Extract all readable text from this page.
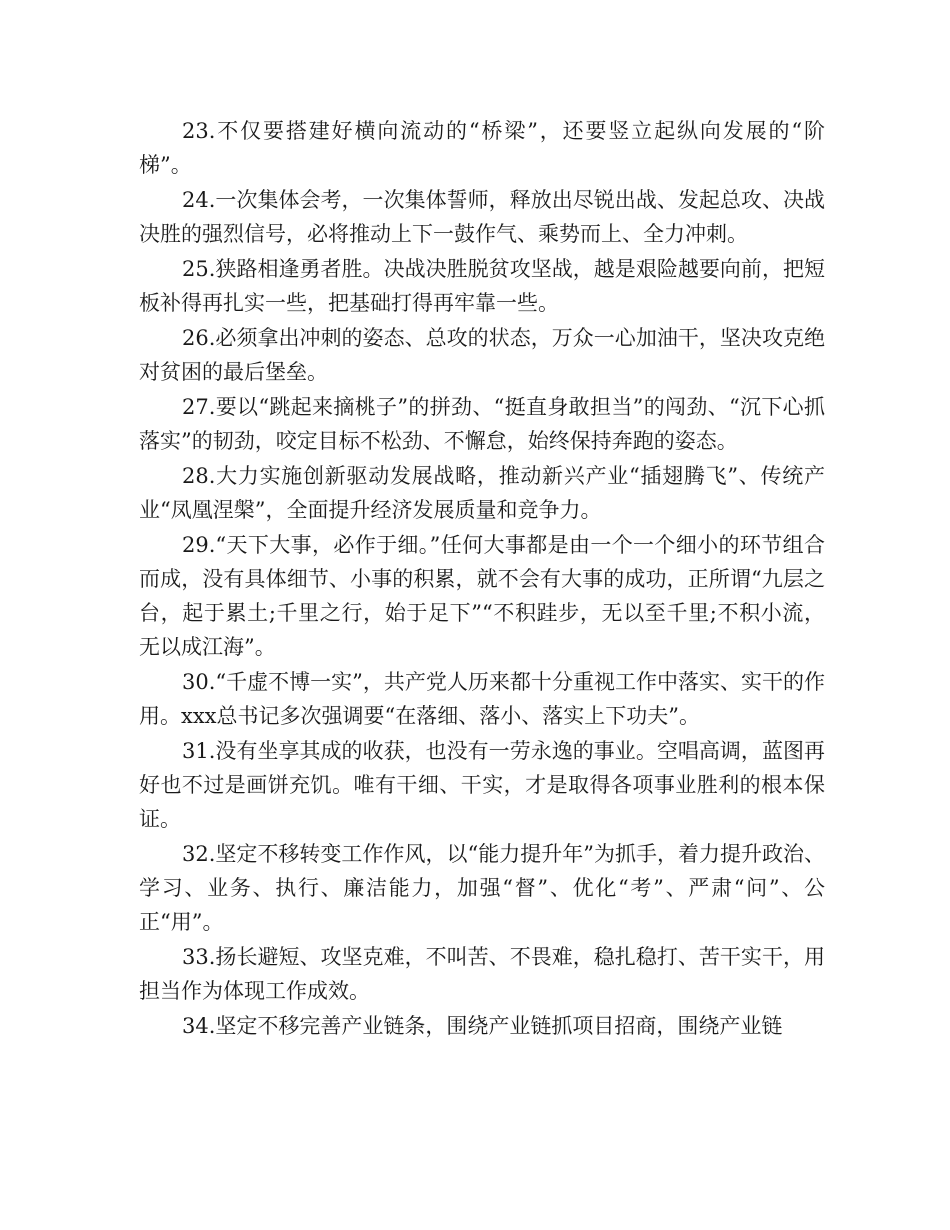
23.不仅要搭建好横向流动的“桥梁”，还要竖立起纵向发展的“阶梯”。

24.一次集体会考，一次集体誓师，释放出尽锐出战、发起总攻、决战决胜的强烈信号，必将推动上下一鼓作气、乘势而上、全力冲刺。

25.狭路相逢勇者胜。决战决胜脱贫攻坚战，越是艰险越要向前，把短板补得再扎实一些，把基础打得再牢靠一些。

26.必须拿出冲刺的姿态、总攻的状态，万众一心加油干，坚决攻克绝对贫困的最后堡垒。

27.要以“跳起来摘桃子”的拼劲、“挺直身敢担当”的闯劲、“沉下心抓落实”的韧劲，咬定目标不松劲、不懈怠，始终保持奔跑的姿态。

28.大力实施创新驱动发展战略，推动新兴产业“插翅腾飞”、传统产业“凤凰涅槃”，全面提升经济发展质量和竞争力。

29.“天下大事，必作于细。”任何大事都是由一个一个细小的环节组合而成，没有具体细节、小事的积累，就不会有大事的成功，正所谓“九层之台，起于累土;千里之行，始于足下”“不积跬步，无以至千里;不积小流，无以成江海”。

30.“千虚不博一实”，共产党人历来都十分重视工作中落实、实干的作用。xxx总书记多次强调要“在落细、落小、落实上下功夫”。

31.没有坐享其成的收获，也没有一劳永逸的事业。空唱高调，蓝图再好也不过是画饼充饥。唯有干细、干实，才是取得各项事业胜利的根本保证。

32.坚定不移转变工作作风，以“能力提升年”为抓手，着力提升政治、学习、业务、执行、廉洁能力，加强“督”、优化“考”、严肃“问”、公正“用”。

33.扬长避短、攻坚克难，不叫苦、不畏难，稳扎稳打、苦干实干，用担当作为体现工作成效。

34.坚定不移完善产业链条，围绕产业链抓项目招商，围绕产业链
